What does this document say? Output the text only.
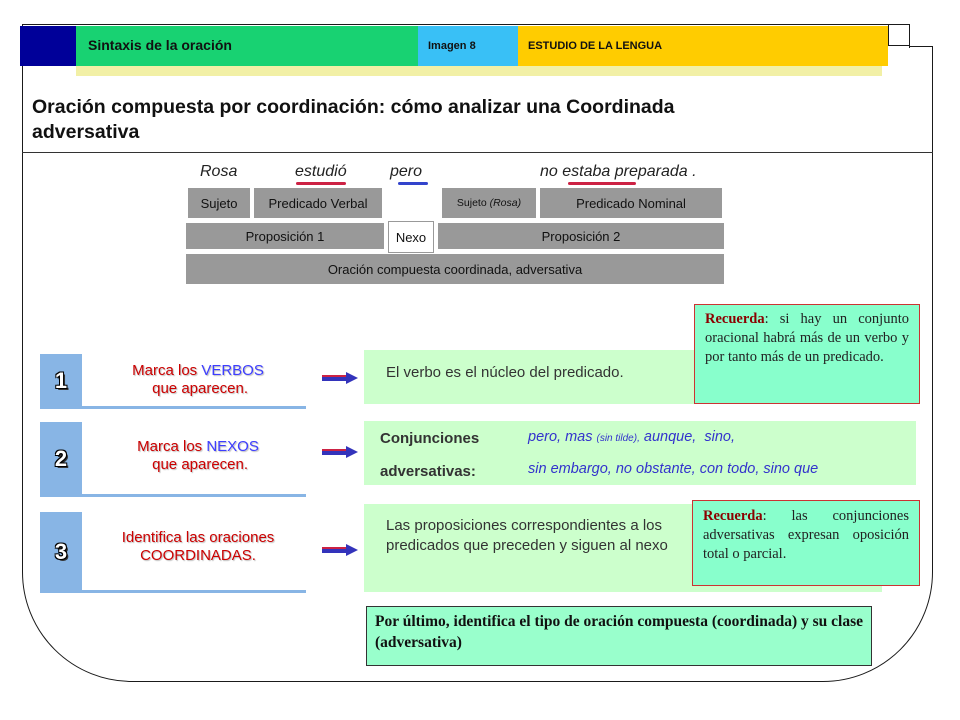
Sintaxis de la oración	Imagen 8	ESTUDIO DE LA LENGUA
Oración compuesta por coordinación: cómo analizar una Coordinada adversativa
Rosa	estudió	pero	no estaba preparada .
Sujeto	Predicado Verbal	Sujeto (Rosa)	Predicado Nominal
Proposición 1	Nexo	Proposición 2
Oración compuesta coordinada, adversativa
1	Marca los VERBOS que aparecen.
2	Marca los NEXOS que aparecen.
3
Identifica las oraciones COORDINADAS.
El verbo es el núcleo del predicado.
Conjunciones
adversativas:
pero, mas (sin tilde), aunque,  sino,
sin embargo, no obstante, con todo, sino que
Las proposiciones correspondientes a los predicados que preceden y siguen al nexo
Recuerda: si hay un conjunto oracional habrá más de un verbo y por tanto más de un predicado.
Recuerda: las conjunciones adversativas expresan oposición total o parcial.
Por último, identifica el tipo de oración compuesta (coordinada) y su clase (adversativa)
